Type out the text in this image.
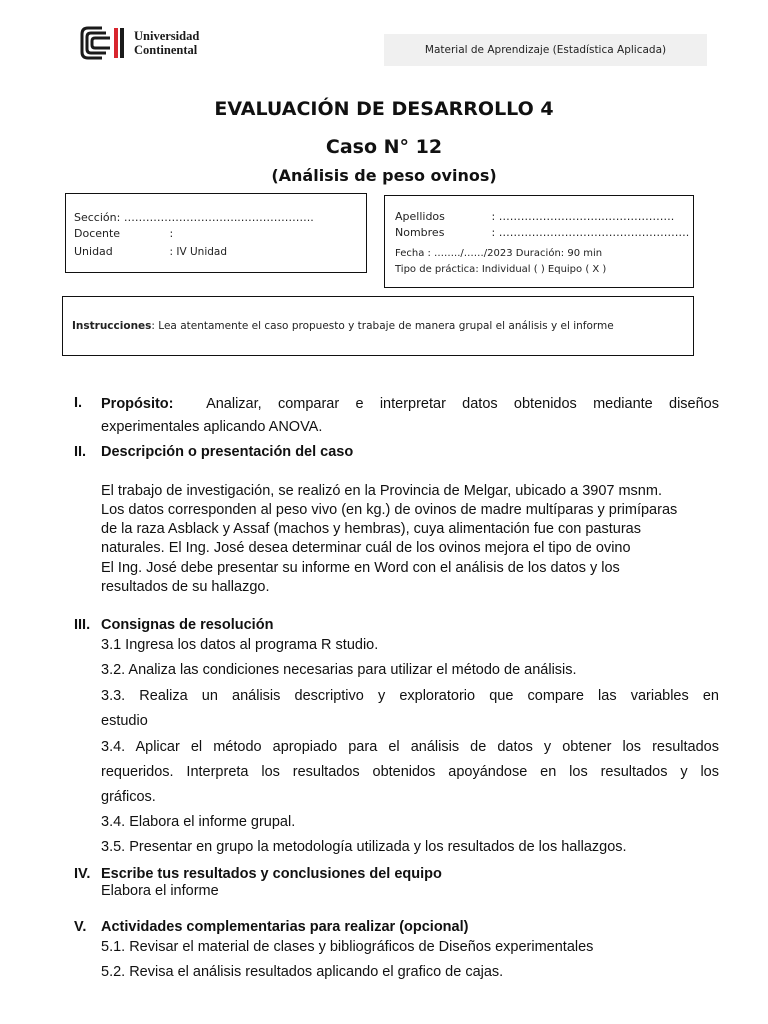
Universidad
Continental	Material de Aprendizaje (Estadística Aplicada)
EVALUACIÓN DE DESARROLLO 4
Caso N° 12
(Análisis de peso ovinos)
Sección: …………………………..………………..
Docente	:
Unidad	: IV Unidad
Apellidos	: ………………………..……………….
Nombres	: …………………………………………….
Fecha : ……../……/2023 Duración: 90 min
Tipo de práctica: Individual ( ) Equipo ( X )
Instrucciones: Lea atentamente el caso propuesto y trabaje de manera grupal el análisis y el informe
I. Propósito: Analizar, comparar e interpretar datos obtenidos mediante diseños
experimentales aplicando ANOVA.
II. Descripción o presentación del caso
El trabajo de investigación, se realizó en la Provincia de Melgar, ubicado a 3907 msnm.
Los datos corresponden al peso vivo (en kg.) de ovinos de madre multíparas y primíparas
de la raza Asblack y Assaf (machos y hembras), cuya alimentación fue con pasturas
naturales. El Ing. José desea determinar cuál de los ovinos mejora el tipo de ovino
El Ing. José debe presentar su informe en Word con el análisis de los datos y los
resultados de su hallazgo.
III. Consignas de resolución
3.1 Ingresa los datos al programa R studio.
3.2. Analiza las condiciones necesarias para utilizar el método de análisis.
3.3. Realiza un análisis descriptivo y exploratorio que compare las variables en
estudio
3.4. Aplicar el método apropiado para el análisis de datos y obtener los resultados
requeridos. Interpreta los resultados obtenidos apoyándose en los resultados y los
gráficos.
3.4. Elabora el informe grupal.
3.5. Presentar en grupo la metodología utilizada y los resultados de los hallazgos.
IV. Escribe tus resultados y conclusiones del equipo
Elabora el informe
V. Actividades complementarias para realizar (opcional)
5.1. Revisar el material de clases y bibliográficos de Diseños experimentales
5.2. Revisa el análisis resultados aplicando el grafico de cajas.
